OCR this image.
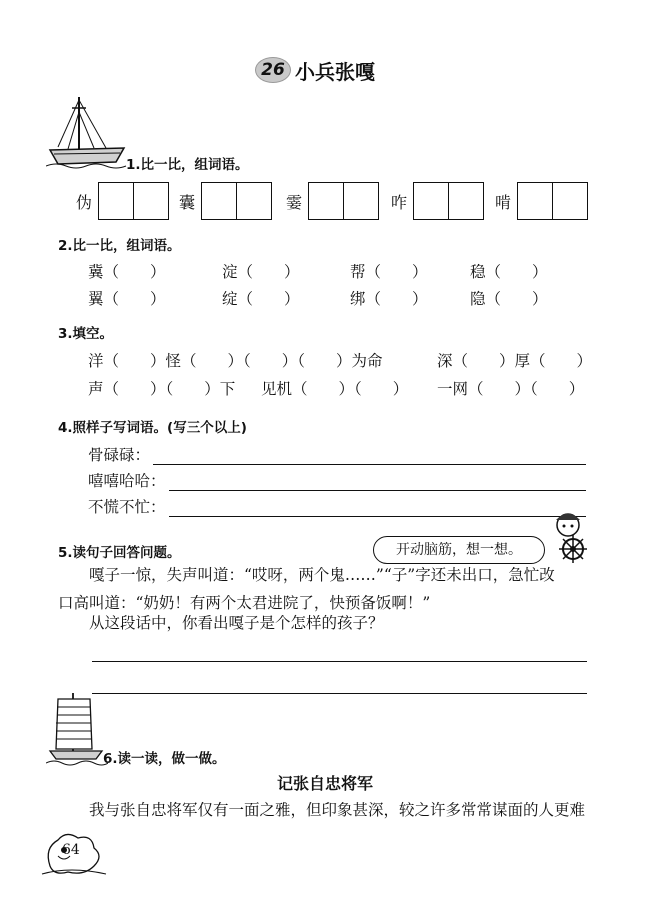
26 小兵张嘎
1.比一比，组词语。
伪	囊	霎	咋	啃
2.比一比，组词语。
冀（　　）	淀（　　）	帮（　　）	稳（　　）
翼（　　）	绽（　　）	绑（　　）	隐（　　）
3.填空。
洋（　　）怪（　　）（　　）（　　）为命	深（　　）厚（　　）
声（　　）（　　）下 见机（　　）（　　） 一网（　　）（　　）
4.照样子写词语。(写三个以上)
骨碌碌：
嘻嘻哈哈：
不慌不忙：
5.读句子回答问题。	开动脑筋，想一想。
嘎子一惊，失声叫道：“哎呀，两个鬼……”“子”字还未出口，急忙改
口高叫道：“奶奶！有两个太君进院了，快预备饭啊！”
从这段话中，你看出嘎子是个怎样的孩子？
6.读一读，做一做。
记张自忠将军
我与张自忠将军仅有一面之雅，但印象甚深，较之许多常常谋面的人更难
64
